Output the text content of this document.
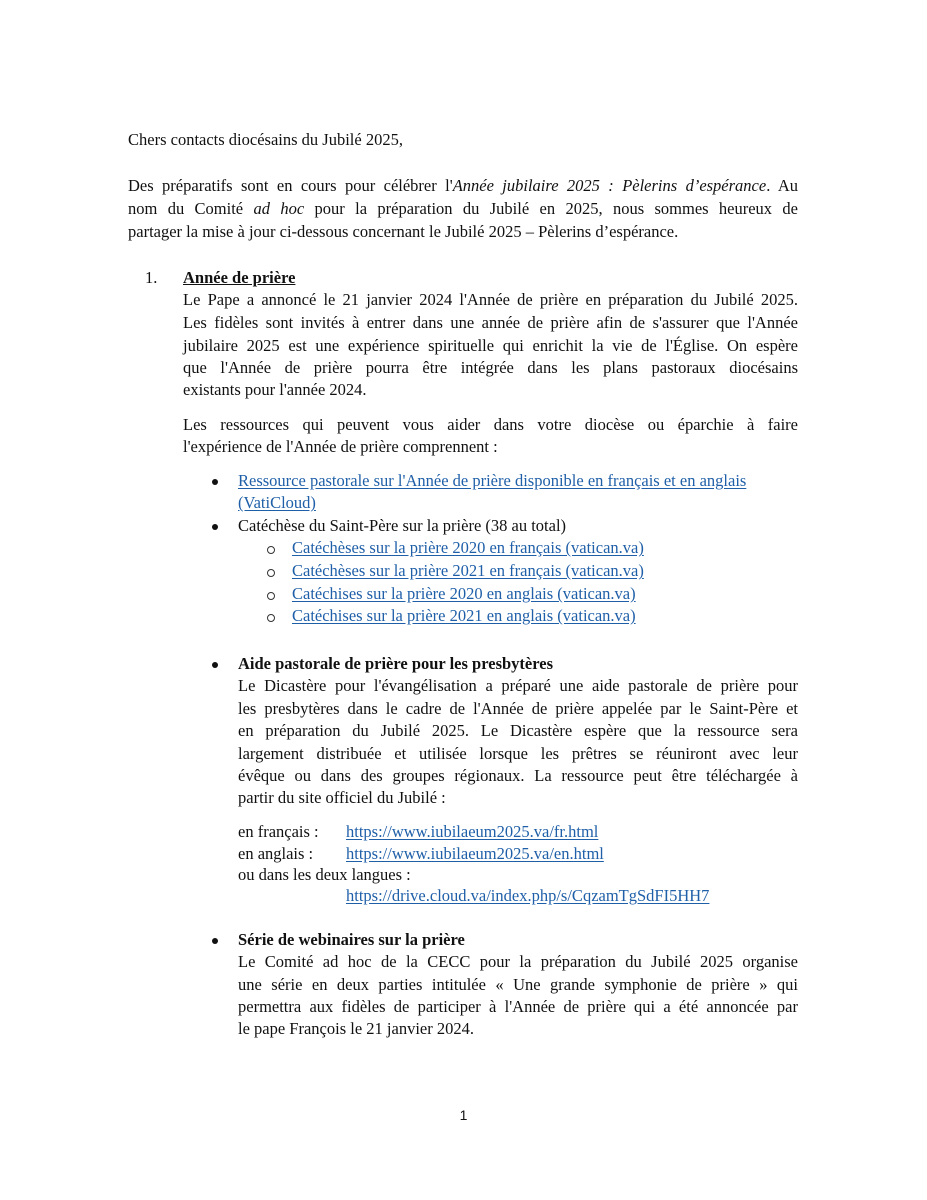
Chers contacts diocésains du Jubilé 2025,
Des préparatifs sont en cours pour célébrer l'Année jubilaire 2025 : Pèlerins d’espérance. Au
nom du Comité ad hoc pour la préparation du Jubilé en 2025, nous sommes heureux de
partager la mise à jour ci-dessous concernant le Jubilé 2025 – Pèlerins d’espérance.
1. Année de prière
Le Pape a annoncé le 21 janvier 2024 l'Année de prière en préparation du Jubilé 2025.
Les fidèles sont invités à entrer dans une année de prière afin de s'assurer que l'Année
jubilaire 2025 est une expérience spirituelle qui enrichit la vie de l'Église. On espère
que l'Année de prière pourra être intégrée dans les plans pastoraux diocésains
existants pour l'année 2024.
Les ressources qui peuvent vous aider dans votre diocèse ou éparchie à faire
l'expérience de l'Année de prière comprennent :
Ressource pastorale sur l'Année de prière disponible en français et en anglais
(VatiCloud)
Catéchèse du Saint-Père sur la prière (38 au total)
Catéchèses sur la prière 2020 en français (vatican.va)
Catéchèses sur la prière 2021 en français (vatican.va)
Catéchises sur la prière 2020 en anglais (vatican.va)
Catéchises sur la prière 2021 en anglais (vatican.va)
Aide pastorale de prière pour les presbytères
Le Dicastère pour l'évangélisation a préparé une aide pastorale de prière pour
les presbytères dans le cadre de l'Année de prière appelée par le Saint-Père et
en préparation du Jubilé 2025. Le Dicastère espère que la ressource sera
largement distribuée et utilisée lorsque les prêtres se réuniront avec leur
évêque ou dans des groupes régionaux. La ressource peut être téléchargée à
partir du site officiel du Jubilé :
en français : https://www.iubilaeum2025.va/fr.html
en anglais : https://www.iubilaeum2025.va/en.html
ou dans les deux langues :
https://drive.cloud.va/index.php/s/CqzamTgSdFI5HH7
Série de webinaires sur la prière
Le Comité ad hoc de la CECC pour la préparation du Jubilé 2025 organise
une série en deux parties intitulée « Une grande symphonie de prière » qui
permettra aux fidèles de participer à l'Année de prière qui a été annoncée par
le pape François le 21 janvier 2024.
1
